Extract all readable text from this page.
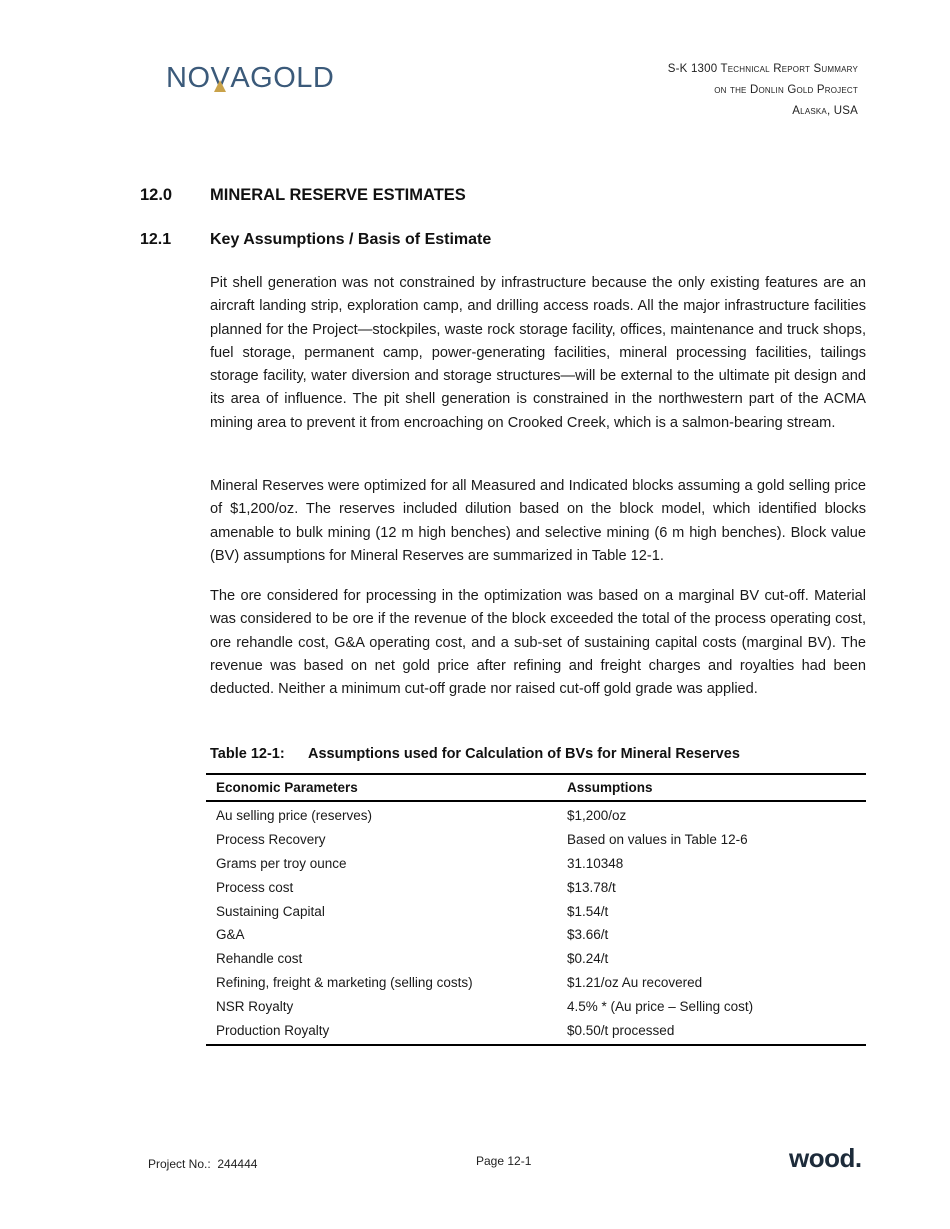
NOV
AGOLD	S-K 1300 Technical Report Summary
on the Donlin Gold Project
Alaska, USA
12.0 MINERAL RESERVE ESTIMATES
12.1 Key Assumptions / Basis of Estimate

Pit shell generation was not constrained by infrastructure because the only existing features are an aircraft landing strip, exploration camp, and drilling access roads. All the major infrastructure facilities planned for the Project—stockpiles, waste rock storage facility, offices, maintenance and truck shops, fuel storage, permanent camp, power-generating facilities, mineral processing facilities, tailings storage facility, water diversion and storage structures—will be external to the ultimate pit design and its area of influence. The pit shell generation is constrained in the northwestern part of the ACMA mining area to prevent it from encroaching on Crooked Creek, which is a salmon-bearing stream.

Mineral Reserves were optimized for all Measured and Indicated blocks assuming a gold selling price of $1,200/oz. The reserves included dilution based on the block model, which identified blocks amenable to bulk mining (12 m high benches) and selective mining (6 m high benches). Block value (BV) assumptions for Mineral Reserves are summarized in Table 12-1.

The ore considered for processing in the optimization was based on a marginal BV cut-off. Material was considered to be ore if the revenue of the block exceeded the total of the process operating cost, ore rehandle cost, G&A operating cost, and a sub-set of sustaining capital costs (marginal BV). The revenue was based on net gold price after refining and freight charges and royalties had been deducted. Neither a minimum cut-off grade nor raised cut-off gold grade was applied.

Table 12-1: Assumptions used for Calculation of BVs for Mineral Reserves
Economic Parameters	Assumptions
Au selling price (reserves)	$1,200/oz
Process Recovery	Based on values in Table 12-6
Grams per troy ounce	31.10348
Process cost	$13.78/t
Sustaining Capital	$1.54/t
G&A	$3.66/t
Rehandle cost	$0.24/t
Refining, freight & marketing (selling costs)	$1.21/oz Au recovered
NSR Royalty	4.5% * (Au price – Selling cost)
Production Royalty	$0.50/t processed
Project No.: 244444	Page 12-1	wood.
